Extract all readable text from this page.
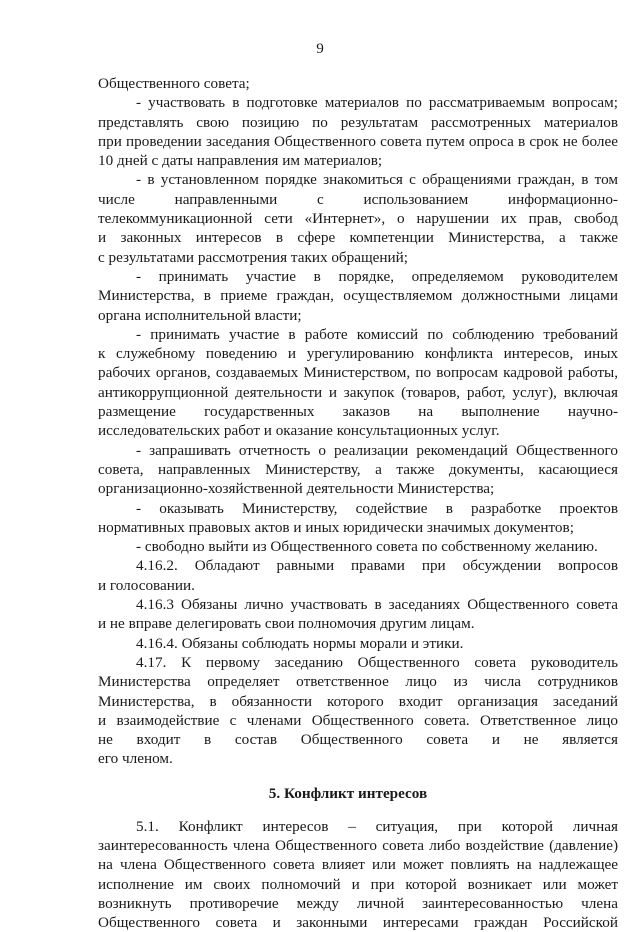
9
Общественного совета;
- участвовать в подготовке материалов по рассматриваемым вопросам;
представлять свою позицию по результатам рассмотренных материалов
при проведении заседания Общественного совета путем опроса в срок не более
10 дней с даты направления им материалов;
- в установленном порядке знакомиться с обращениями граждан, в том
числе направленными с использованием информационно-
телекоммуникационной сети «Интернет», о нарушении их прав, свобод
и законных интересов в сфере компетенции Министерства, а также
с результатами рассмотрения таких обращений;
- принимать участие в порядке, определяемом руководителем
Министерства, в приеме граждан, осуществляемом должностными лицами
органа исполнительной власти;
- принимать участие в работе комиссий по соблюдению требований
к служебному поведению и урегулированию конфликта интересов, иных
рабочих органов, создаваемых Министерством, по вопросам кадровой работы,
антикоррупционной деятельности и закупок (товаров, работ, услуг), включая
размещение государственных заказов на выполнение научно-
исследовательских работ и оказание консультационных услуг.
- запрашивать отчетность о реализации рекомендаций Общественного
совета, направленных Министерству, а также документы, касающиеся
организационно-хозяйственной деятельности Министерства;
- оказывать Министерству, содействие в разработке проектов
нормативных правовых актов и иных юридически значимых документов;
- свободно выйти из Общественного совета по собственному желанию.
4.16.2. Обладают равными правами при обсуждении вопросов
и голосовании.
4.16.3 Обязаны лично участвовать в заседаниях Общественного совета
и не вправе делегировать свои полномочия другим лицам.
4.16.4. Обязаны соблюдать нормы морали и этики.
4.17. К первому заседанию Общественного совета руководитель
Министерства определяет ответственное лицо из числа сотрудников
Министерства, в обязанности которого входит организация заседаний
и взаимодействие с членами Общественного совета. Ответственное лицо
не входит в состав Общественного совета и не является
его членом.
5. Конфликт интересов
5.1. Конфликт интересов – ситуация, при которой личная
заинтересованность члена Общественного совета либо воздействие (давление)
на члена Общественного совета влияет или может повлиять на надлежащее
исполнение им своих полномочий и при которой возникает или может
возникнуть противоречие между личной заинтересованностью члена
Общественного совета и законными интересами граждан Российской
